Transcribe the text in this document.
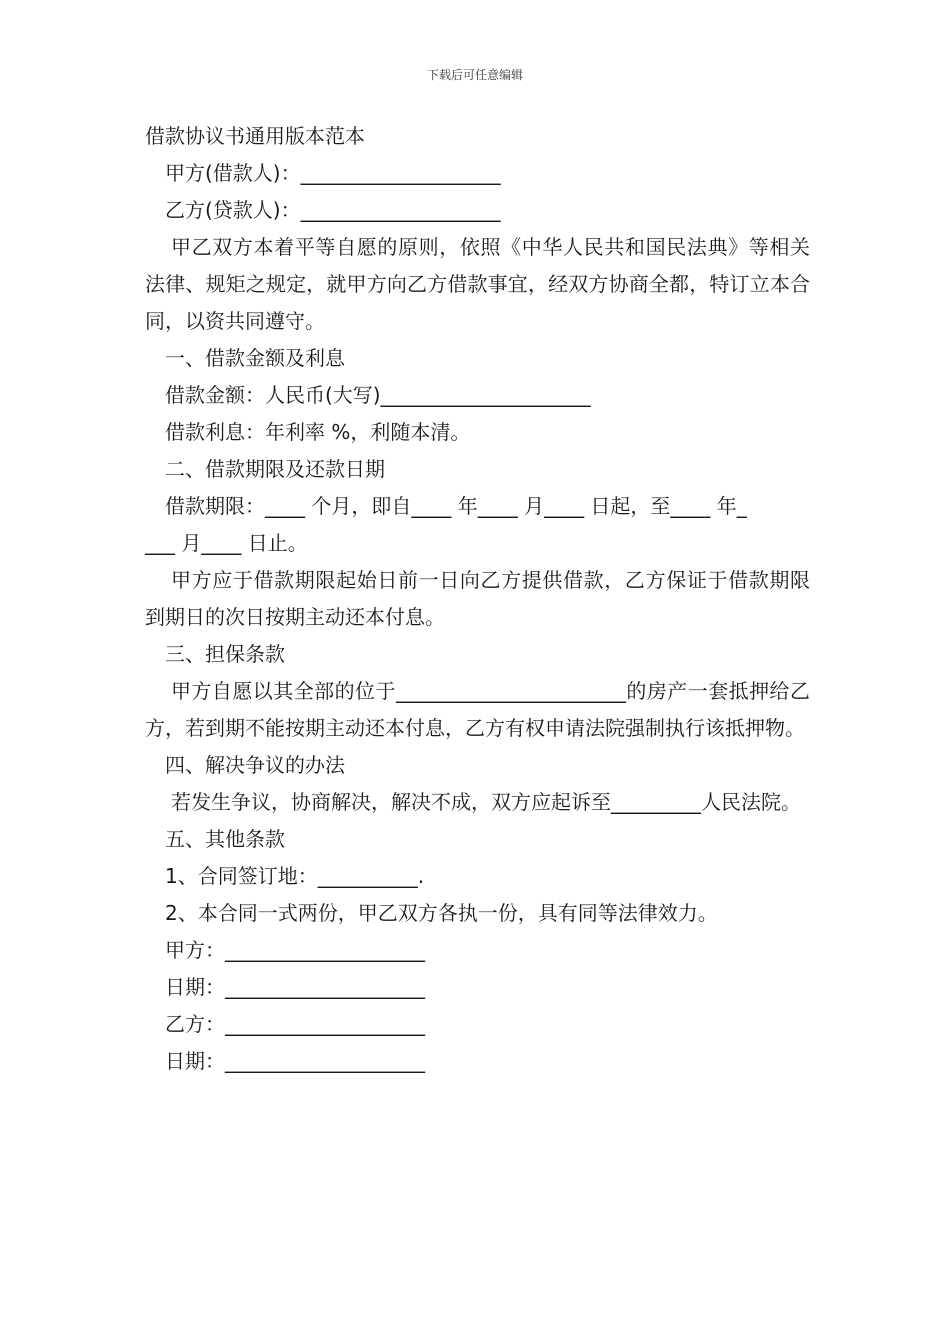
下载后可任意编辑
借款协议书通用版本范本
甲方(借款人)：____________________
乙方(贷款人)：____________________
甲乙双方本着平等自愿的原则，依照《中华人民共和国民法典》等相关法律、规矩之规定，就甲方向乙方借款事宜，经双方协商全都，特订立本合同，以资共同遵守。
一、借款金额及利息
借款金额：人民币(大写)_____________________
借款利息：年利率 %，利随本清。
二、借款期限及还款日期
借款期限：____ 个月，即自____ 年____ 月____ 日起，至____ 年_
___ 月____ 日止。
甲方应于借款期限起始日前一日向乙方提供借款，乙方保证于借款期限到期日的次日按期主动还本付息。
三、担保条款
甲方自愿以其全部的位于_______________________的房产一套抵押给乙方，若到期不能按期主动还本付息，乙方有权申请法院强制执行该抵押物。
四、解决争议的办法
若发生争议，协商解决，解决不成，双方应起诉至_________人民法院。
五、其他条款
1、合同签订地：__________.
2、本合同一式两份，甲乙双方各执一份，具有同等法律效力。
甲方：____________________
日期：____________________
乙方：____________________
日期：____________________
